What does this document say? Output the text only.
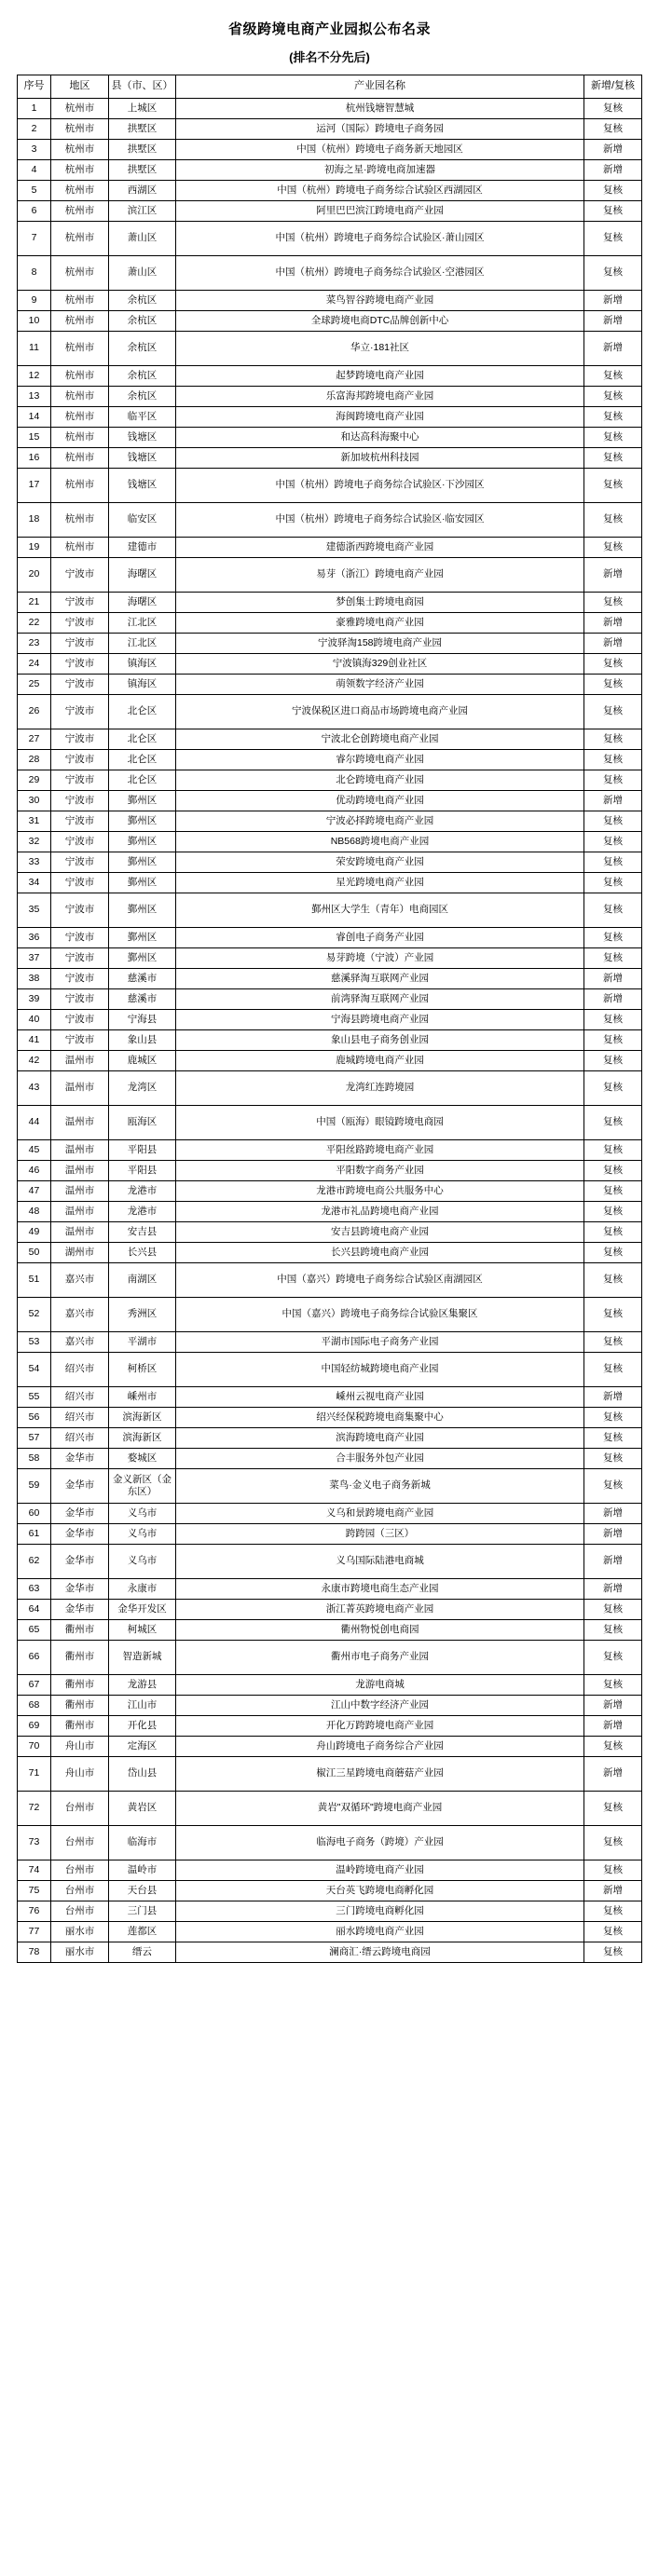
省级跨境电商产业园拟公布名录
(排名不分先后)
序号	地区	县（市、区）	产业园名称	新增/复核
1	杭州市	上城区	杭州钱塘智慧城	复核
2	杭州市	拱墅区	运河（国际）跨境电子商务园	复核
3	杭州市	拱墅区	中国（杭州）跨境电子商务新天地园区	新增
4	杭州市	拱墅区	初海之星·跨境电商加速器	新增
5	杭州市	西湖区	中国（杭州）跨境电子商务综合试验区西湖园区	复核
6	杭州市	滨江区	阿里巴巴滨江跨境电商产业园	复核
7	杭州市	萧山区	中国（杭州）跨境电子商务综合试验区·萧山园区	复核
8	杭州市	萧山区	中国（杭州）跨境电子商务综合试验区·空港园区	复核
9	杭州市	余杭区	菜鸟智谷跨境电商产业园	新增
10	杭州市	余杭区	全球跨境电商DTC品牌创新中心	新增
11	杭州市	余杭区	华立·181社区	新增
12	杭州市	余杭区	起梦跨境电商产业园	复核
13	杭州市	余杭区	乐富海邦跨境电商产业园	复核
14	杭州市	临平区	海闽跨境电商产业园	复核
15	杭州市	钱塘区	和达高科海聚中心	复核
16	杭州市	钱塘区	新加坡杭州科技园	复核
17	杭州市	钱塘区	中国（杭州）跨境电子商务综合试验区·下沙园区	复核
18	杭州市	临安区	中国（杭州）跨境电子商务综合试验区·临安园区	复核
19	杭州市	建德市	建德浙西跨境电商产业园	复核
20	宁波市	海曙区	易芽（浙江）跨境电商产业园	新增
21	宁波市	海曙区	梦创集士跨境电商园	复核
22	宁波市	江北区	豪雅跨境电商产业园	新增
23	宁波市	江北区	宁波驿淘158跨境电商产业园	新增
24	宁波市	镇海区	宁波镇海329创业社区	复核
25	宁波市	镇海区	萌领数字经济产业园	复核
26	宁波市	北仑区	宁波保税区进口商品市场跨境电商产业园	复核
27	宁波市	北仑区	宁波北仑创跨境电商产业园	复核
28	宁波市	北仑区	睿尔跨境电商产业园	复核
29	宁波市	北仑区	北仑跨境电商产业园	复核
30	宁波市	鄞州区	优动跨境电商产业园	新增
31	宁波市	鄞州区	宁波必择跨境电商产业园	复核
32	宁波市	鄞州区	NB568跨境电商产业园	复核
33	宁波市	鄞州区	荣安跨境电商产业园	复核
34	宁波市	鄞州区	星光跨境电商产业园	复核
35	宁波市	鄞州区	鄞州区大学生（青年）电商园区	复核
36	宁波市	鄞州区	睿创电子商务产业园	复核
37	宁波市	鄞州区	易芽跨境（宁波）产业园	复核
38	宁波市	慈溪市	慈溪驿淘互联网产业园	新增
39	宁波市	慈溪市	前湾驿淘互联网产业园	新增
40	宁波市	宁海县	宁海县跨境电商产业园	复核
41	宁波市	象山县	象山县电子商务创业园	复核
42	温州市	鹿城区	鹿城跨境电商产业园	复核
43	温州市	龙湾区	龙湾红连跨境园	复核
44	温州市	瓯海区	中国（瓯海）眼镜跨境电商园	复核
45	温州市	平阳县	平阳丝路跨境电商产业园	复核
46	温州市	平阳县	平阳数字商务产业园	复核
47	温州市	龙港市	龙港市跨境电商公共服务中心	复核
48	温州市	龙港市	龙港市礼品跨境电商产业园	复核
49	温州市	安吉县	安吉县跨境电商产业园	复核
50	湖州市	长兴县	长兴县跨境电商产业园	复核
51	嘉兴市	南湖区	中国（嘉兴）跨境电子商务综合试验区南湖园区	复核
52	嘉兴市	秀洲区	中国（嘉兴）跨境电子商务综合试验区集聚区	复核
53	嘉兴市	平湖市	平湖市国际电子商务产业园	复核
54	绍兴市	柯桥区	中国轻纺城跨境电商产业园	复核
55	绍兴市	嵊州市	嵊州云视电商产业园	新增
56	绍兴市	滨海新区	绍兴经保税跨境电商集聚中心	复核
57	绍兴市	滨海新区	滨海跨境电商产业园	复核
58	金华市	婺城区	合丰服务外包产业园	复核
59	金华市	金义新区（金东区）	菜鸟·金义电子商务新城	复核
60	金华市	义乌市	义乌和景跨境电商产业园	新增
61	金华市	义乌市	跨跨园（三区）	新增
62	金华市	义乌市	义乌国际陆港电商城	新增
63	金华市	永康市	永康市跨境电商生态产业园	新增
64	金华市	金华开发区	浙江菁英跨境电商产业园	复核
65	衢州市	柯城区	衢州物悦创电商园	复核
66	衢州市	智造新城	衢州市电子商务产业园	复核
67	衢州市	龙游县	龙游电商城	复核
68	衢州市	江山市	江山中数字经济产业园	新增
69	衢州市	开化县	开化万跨跨境电商产业园	新增
70	舟山市	定海区	舟山跨境电子商务综合产业园	复核
71	舟山市	岱山县	椒江三星跨境电商蘑菇产业园	新增
72	台州市	黄岩区	黄岩"双循环"跨境电商产业园	复核
73	台州市	临海市	临海电子商务（跨境）产业园	复核
74	台州市	温岭市	温岭跨境电商产业园	复核
75	台州市	天台县	天台英飞跨境电商孵化园	新增
76	台州市	三门县	三门跨境电商孵化园	复核
77	丽水市	莲都区	丽水跨境电商产业园	复核
78	丽水市	缙云	澜商汇·缙云跨境电商园	复核
